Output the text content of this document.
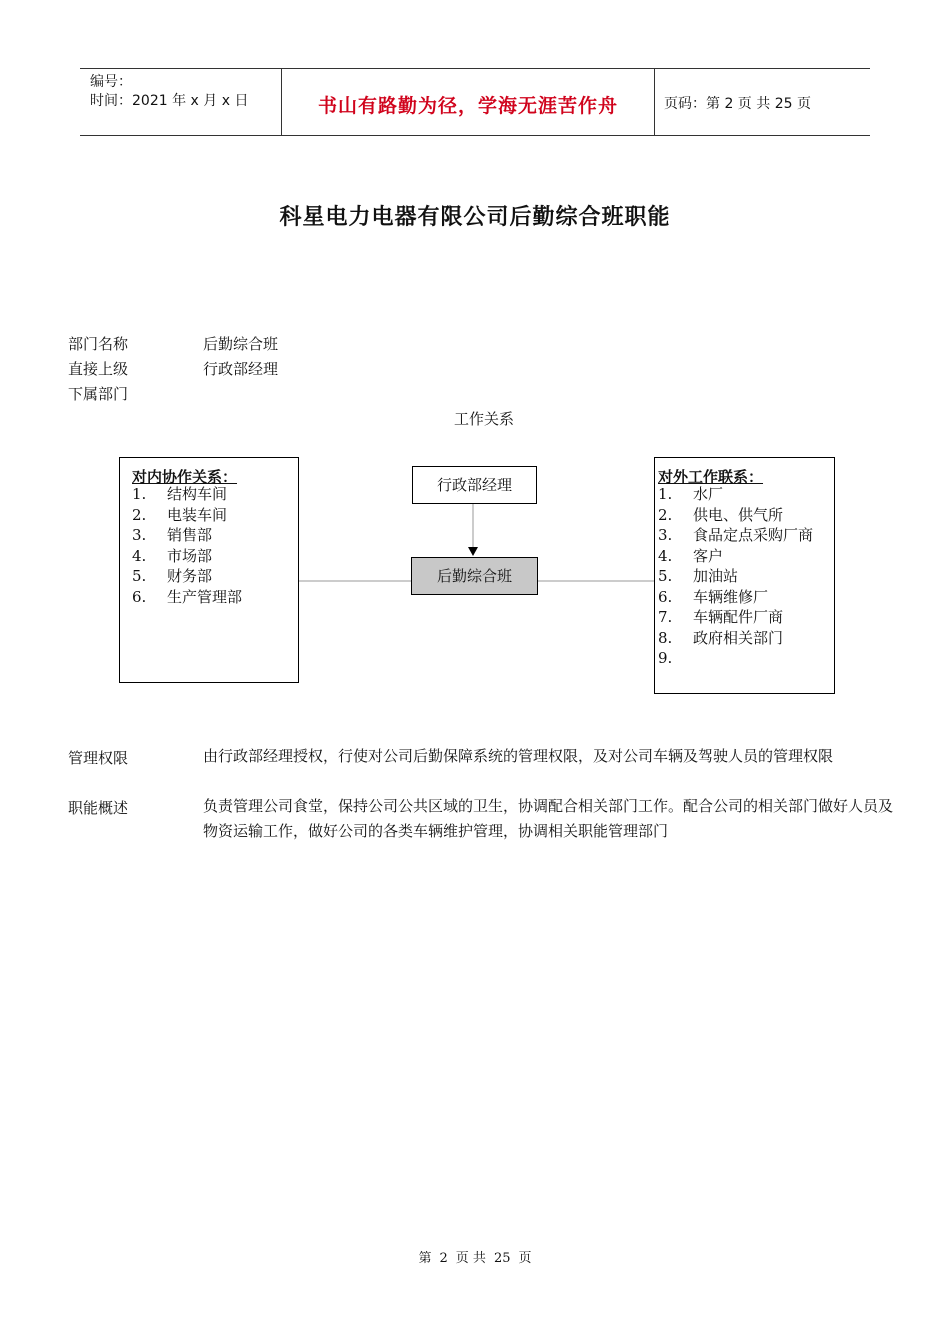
编号：
时间：2021 年 x 月 x 日	书山有路勤为径，学海无涯苦作舟	页码：第 2 页 共 25 页
科星电力电器有限公司后勤综合班职能
部门名称	后勤综合班
直接上级	行政部经理
下属部门
工作关系
对内协作关系：
1.	结构车间
2.	电装车间
3.	销售部
4.	市场部
5.	财务部
6.	生产管理部
行政部经理
后勤综合班
对外工作联系：
1.	水厂
2.	供电、供气所
3.	食品定点采购厂商
4.	客户
5.	加油站
6.	车辆维修厂
7.	车辆配件厂商
8.	政府相关部门
9.
管理权限	由行政部经理授权，行使对公司后勤保障系统的管理权限，及对公司车辆及驾驶人员的管理权限
职能概述	负责管理公司食堂，保持公司公共区域的卫生，协调配合相关部门工作。配合公司的相关部门做好人员及物资运输工作，做好公司的各类车辆维护管理，协调相关职能管理部门
第 2 页 共 25 页
